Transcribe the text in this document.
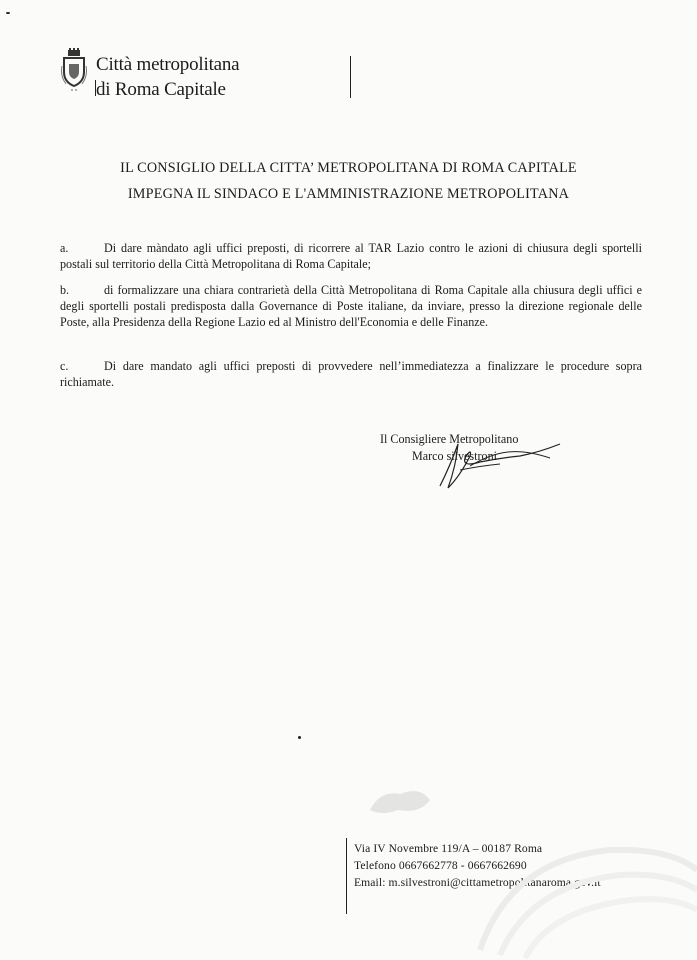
Città metropolitana
di Roma Capitale
IL CONSIGLIO DELLA CITTA’ METROPOLITANA DI ROMA CAPITALE
IMPEGNA IL SINDACO E L'AMMINISTRAZIONE METROPOLITANA
a.	Di dare màndato agli uffici preposti, di ricorrere al TAR Lazio contro le azioni di chiusura degli sportelli postali sul territorio della Città Metropolitana di Roma Capitale;
b.	di formalizzare una chiara contrarietà della Città Metropolitana di Roma Capitale alla chiusura degli uffici e degli sportelli postali predisposta dalla Governance di Poste italiane, da inviare, presso la direzione regionale delle Poste, alla Presidenza della Regione Lazio ed al Ministro dell'Economia e delle Finanze.
c.	Di dare mandato agli uffici preposti di provvedere nell’immediatezza a finalizzare le procedure sopra richiamate.
Il Consigliere Metropolitano
Marco silvestroni
Via IV Novembre 119/A – 00187 Roma
Telefono 0667662778 - 0667662690
Email: m.silvestroni@cittametropolitanaroma.gov.it
